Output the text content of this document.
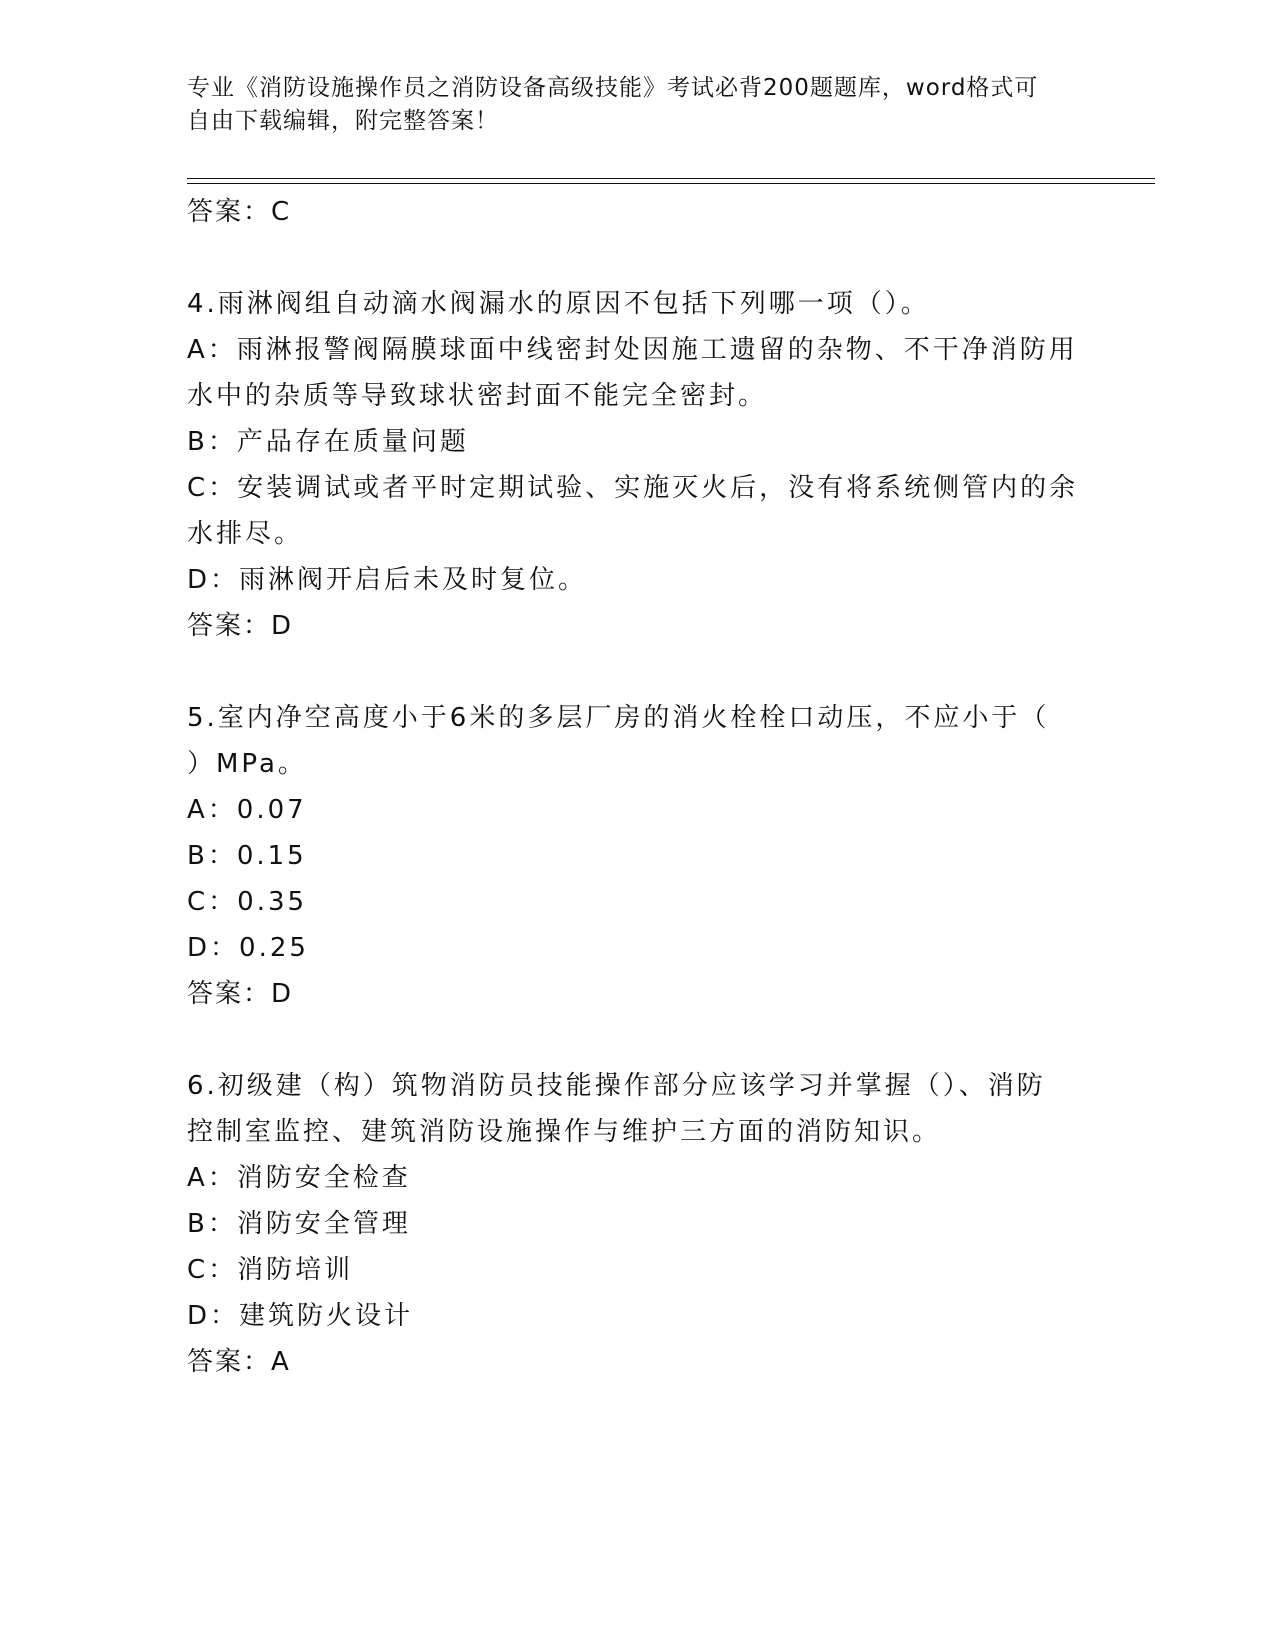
专业《消防设施操作员之消防设备高级技能》考试必背200题题库，word格式可
自由下载编辑，附完整答案！
答案：C
4.雨淋阀组自动滴水阀漏水的原因不包括下列哪一项（）。
A：雨淋报警阀隔膜球面中线密封处因施工遗留的杂物、不干净消防用
水中的杂质等导致球状密封面不能完全密封。
B：产品存在质量问题
C：安装调试或者平时定期试验、实施灭火后，没有将系统侧管内的余
水排尽。
D：雨淋阀开启后未及时复位。
答案：D
5.室内净空高度小于6米的多层厂房的消火栓栓口动压，不应小于（
）MPa。
A：0.07
B：0.15
C：0.35
D：0.25
答案：D
6.初级建（构）筑物消防员技能操作部分应该学习并掌握（）、消防
控制室监控、建筑消防设施操作与维护三方面的消防知识。
A：消防安全检查
B：消防安全管理
C：消防培训
D：建筑防火设计
答案：A
